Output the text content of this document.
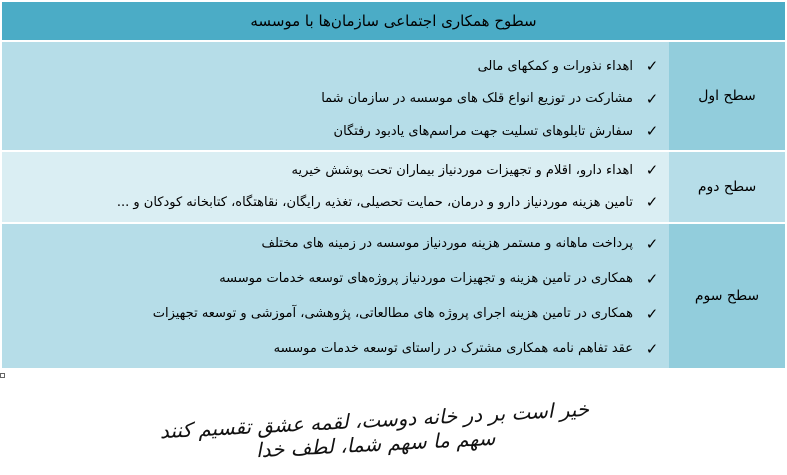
سطوح همکاری اجتماعی سازمان‌ها با موسسه
سطح اول
✓
اهداء نذورات و کمکهای مالی
✓
مشارکت در توزیع انواع قلک های موسسه در سازمان شما
✓
سفارش تابلوهای تسلیت جهت مراسم‌های یادبود رفتگان
سطح دوم
✓
اهداء دارو، اقلام و تجهیزات موردنیاز بیماران تحت پوشش خیریه
✓
تامین هزینه موردنیاز دارو و درمان، حمایت تحصیلی، تغذیه رایگان، نقاهتگاه، کتابخانه کودکان و ...
سطح سوم
✓
پرداخت ماهانه و مستمر هزینه موردنیاز موسسه در زمینه های مختلف
✓
همکاری در تامین هزینه و تجهیزات موردنیاز پروژه‌های توسعه خدمات موسسه
✓
همکاری در تامین هزینه اجرای پروژه های مطالعاتی، پژوهشی، آموزشی و توسعه تجهیزات
✓
عقد تفاهم نامه همکاری مشترک در راستای توسعه خدمات موسسه
خیر است بر در خانه دوست، لقمه عشق تقسیم کنند سهم ما سهم شما، لطف خدا
